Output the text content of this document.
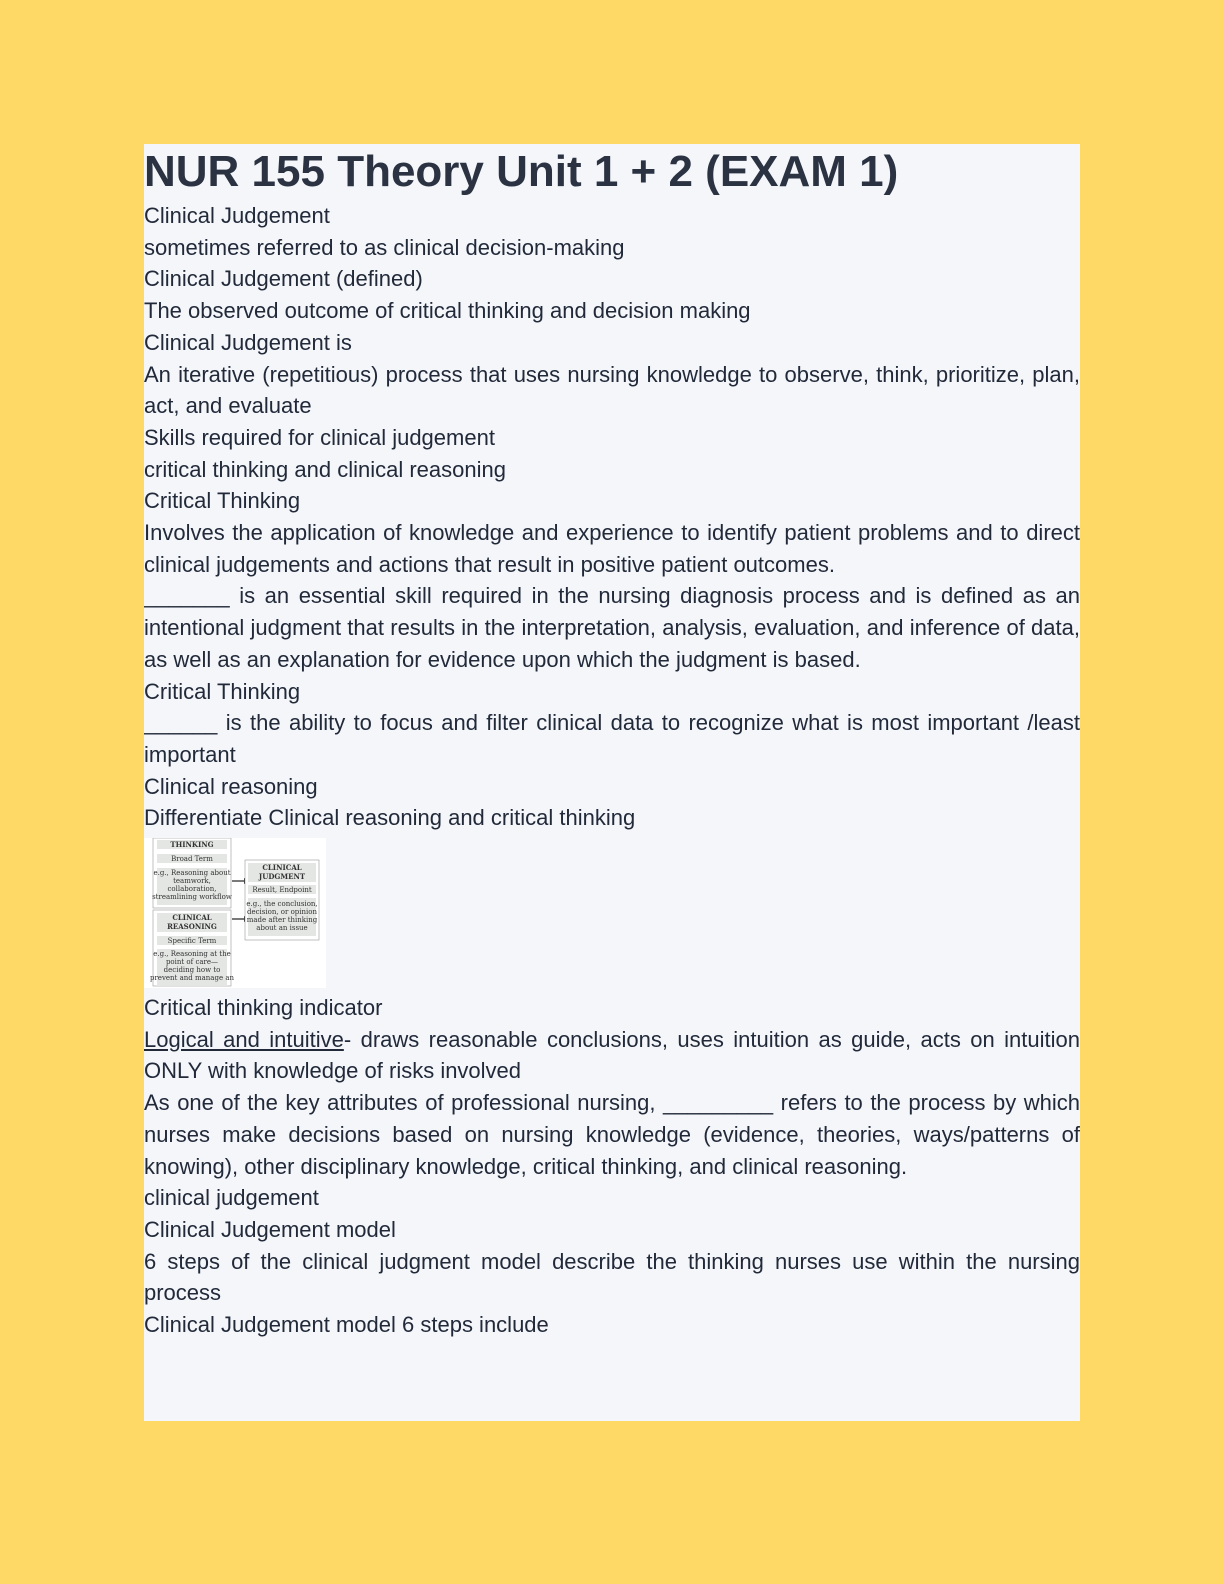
NUR 155 Theory Unit 1 + 2 (EXAM 1)

Clinical Judgement

sometimes referred to as clinical decision-making

Clinical Judgement (defined)

The observed outcome of critical thinking and decision making

Clinical Judgement is

An iterative (repetitious) process that uses nursing knowledge to observe, think, prioritize, plan, act, and evaluate

Skills required for clinical judgement

critical thinking and clinical reasoning

Critical Thinking

Involves the application of knowledge and experience to identify patient problems and to direct clinical judgements and actions that result in positive patient outcomes.

_______ is an essential skill required in the nursing diagnosis process and is defined as an intentional judgment that results in the interpretation, analysis, evaluation, and inference of data, as well as an explanation for evidence upon which the judgment is based.

Critical Thinking

______ is the ability to focus and filter clinical data to recognize what is most important /least important

Clinical reasoning

Differentiate Clinical reasoning and critical thinking

THINKING
Broad Term
e.g., Reasoning about
teamwork,
collaboration,
streamlining workflow
CLINICAL
REASONING
Specific Term
e.g., Reasoning at the
point of care—
deciding how to
prevent and manage an
CLINICAL
JUDGMENT
Result, Endpoint
e.g., the conclusion,
decision, or opinion
made after thinking
about an issue

Critical thinking indicator

Logical and intuitive- draws reasonable conclusions, uses intuition as guide, acts on intuition ONLY with knowledge of risks involved

As one of the key attributes of professional nursing, _________ refers to the process by which nurses make decisions based on nursing knowledge (evidence, theories, ways/patterns of knowing), other disciplinary knowledge, critical thinking, and clinical reasoning.

clinical judgement

Clinical Judgement model

6 steps of the clinical judgment model describe the thinking nurses use within the nursing process

Clinical Judgement model 6 steps include
